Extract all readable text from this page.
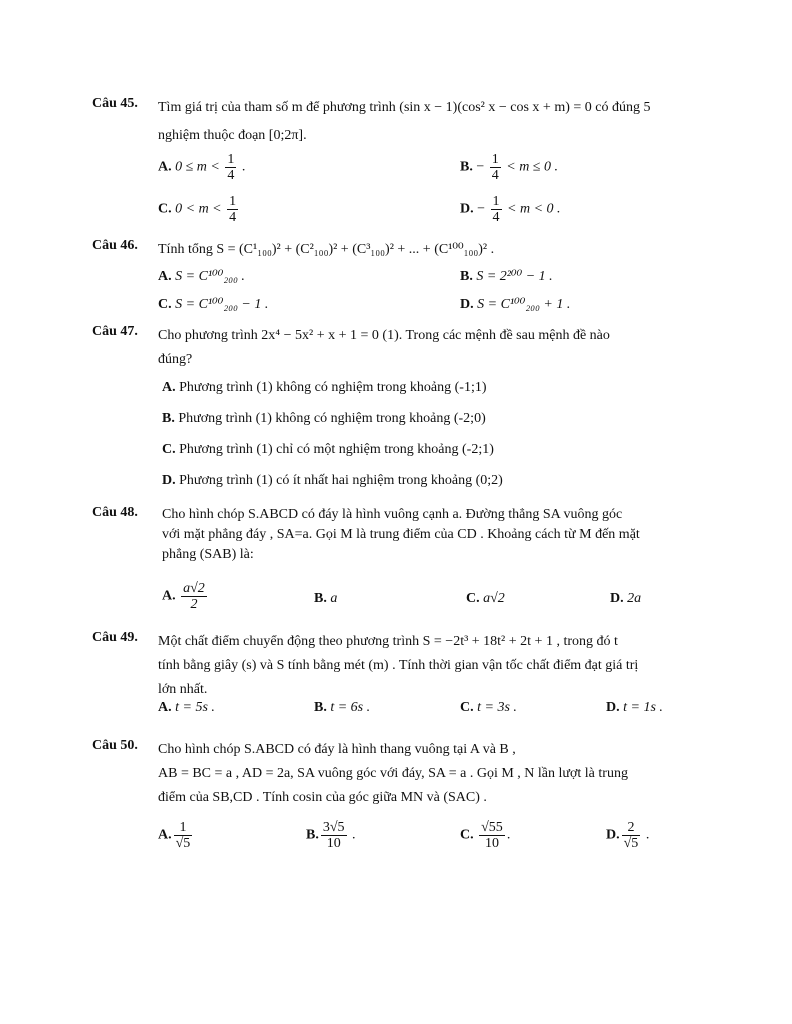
Câu 45. Tìm giá trị của tham số m để phương trình (sin x − 1)(cos² x − cos x + m) = 0 có đúng 5
nghiệm thuộc đoạn [0;2π].
A. $0 \le m < \frac{1}{4}$ .	B. − $\frac{1}{4} < m \le 0$ .
C. $0 < m < \frac{1}{4}$	D. − $\frac{1}{4} < m < 0$ .
Câu 46. Tính tổng S = (C¹₁₀₀)² + (C²₁₀₀)² + (C³₁₀₀)² + ... + (C¹⁰⁰₁₀₀)² .
A. S = C¹⁰⁰₂₀₀ .	B. S = 2²⁰⁰ − 1 .
C. S = C¹⁰⁰₂₀₀ − 1 .	D. S = C¹⁰⁰₂₀₀ + 1 .
Câu 47. Cho phương trình 2x⁴ − 5x² + x + 1 = 0 (1). Trong các mệnh đề sau mệnh đề nào
đúng?
A. Phương trình (1) không có nghiệm trong khoảng (-1;1)
B. Phương trình (1) không có nghiệm trong khoảng (-2;0)
C. Phương trình (1) chỉ có một nghiệm trong khoảng (-2;1)
D. Phương trình (1) có ít nhất hai nghiệm trong khoảng (0;2)
Câu 48. Cho hình chóp S.ABCD có đáy là hình vuông cạnh a. Đường thẳng SA vuông góc
với mặt phẳng đáy , SA=a. Gọi M là trung điểm của CD . Khoảng cách từ M đến mặt
phẳng (SAB) là:
A. $\frac{a√2}{2}$	B. a	C. a√2	D. 2a
Câu 49. Một chất điểm chuyển động theo phương trình S = −2t³ + 18t² + 2t + 1 , trong đó t
tính bằng giây (s) và S tính bằng mét (m) . Tính thời gian vận tốc chất điểm đạt giá trị
lớn nhất.
A. t = 5s .	B. t = 6s .	C. t = 3s .	D. t = 1s .
Câu 50. Cho hình chóp S.ABCD có đáy là hình thang vuông tại A và B ,
AB = BC = a , AD = 2a, SA vuông góc với đáy, SA = a . Gọi M , N lần lượt là trung
điểm của SB,CD . Tính cosin của góc giữa MN và (SAC) .
A. $\frac{1}{√5}$	B. $\frac{3√5}{10}$ .	C. $\frac{√55}{10}$ .	D. $\frac{2}{√5}$ .
